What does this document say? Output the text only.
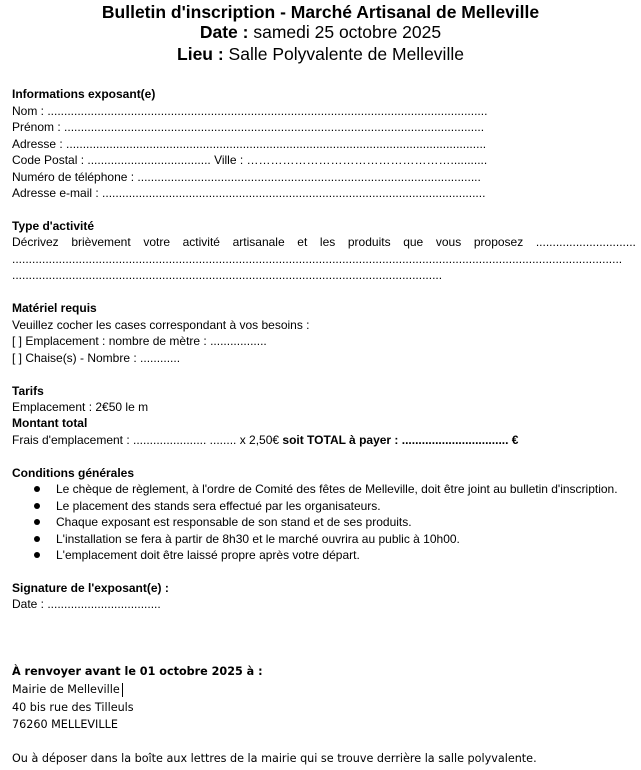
Bulletin d'inscription - Marché Artisanal de Melleville
Date : samedi 25 octobre 2025
Lieu : Salle Polyvalente de Melleville
Informations exposant(e)
Nom : ....................................................................................................................................
Prénom : ..............................................................................................................................
Adresse : ..............................................................................................................................
Code Postal : ..................................... Ville : ……………………………………………...........
Numéro de téléphone : .......................................................................................................
Adresse e-mail : ...................................................................................................................
Type d'activité
Décrivez brièvement votre activité artisanale et les produits que vous proposez ..............................
.......................................................................................................................................................................................
.................................................................................................................................
Matériel requis
Veuillez cocher les cases correspondant à vos besoins :
[ ] Emplacement : nombre de mètre : .................
[ ] Chaise(s) - Nombre : ............
Tarifs
Emplacement : 2€50 le m
Montant total
Frais d'emplacement : ...................... ........ x 2,50€ soit TOTAL à payer : ................................ €
Conditions générales
Le chèque de règlement, à l'ordre de Comité des fêtes de Melleville, doit être joint au bulletin d'inscription.
Le placement des stands sera effectué par les organisateurs.
Chaque exposant est responsable de son stand et de ses produits.
L'installation se fera à partir de 8h30 et le marché ouvrira au public à 10h00.
L'emplacement doit être laissé propre après votre départ.
Signature de l'exposant(e) :
Date : ..................................
À renvoyer avant le 01 octobre 2025 à :
Mairie de Melleville
40 bis rue des Tilleuls
76260 MELLEVILLE
Ou à déposer dans la boîte aux lettres de la mairie qui se trouve derrière la salle polyvalente.
